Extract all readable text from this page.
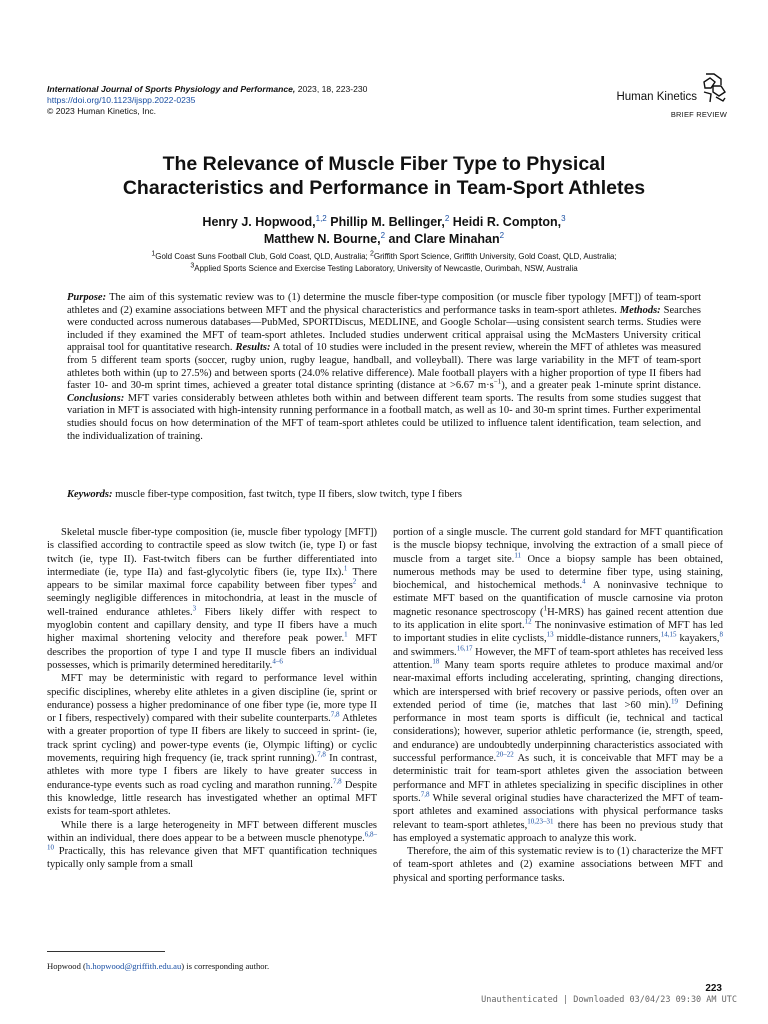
International Journal of Sports Physiology and Performance, 2023, 18, 223-230
https://doi.org/10.1123/ijspp.2022-0235
© 2023 Human Kinetics, Inc.
Human Kinetics
BRIEF REVIEW
The Relevance of Muscle Fiber Type to Physical
Characteristics and Performance in Team-Sport Athletes
Henry J. Hopwood,$^{1,2}$ Phillip M. Bellinger,$^2$ Heidi R. Compton,$^3$
Matthew N. Bourne,$^2$ and Clare Minahan$^2$
$^1$Gold Coast Suns Football Club, Gold Coast, QLD, Australia; $^2$Griffith Sport Science, Griffith University, Gold Coast, QLD, Australia;
$^3$Applied Sports Science and Exercise Testing Laboratory, University of Newcastle, Ourimbah, NSW, Australia
Purpose: The aim of this systematic review was to (1) determine the muscle fiber-type composition (or muscle fiber typology [MFT]) of team-sport athletes and (2) examine associations between MFT and the physical characteristics and performance tasks in team-sport athletes. Methods: Searches were conducted across numerous databases—PubMed, SPORTDiscus, MEDLINE, and Google Scholar—using consistent search terms. Studies were included if they examined the MFT of team-sport athletes. Included studies underwent critical appraisal using the McMasters University critical appraisal tool for quantitative research. Results: A total of 10 studies were included in the present review, wherein the MFT of athletes was measured from 5 different team sports (soccer, rugby union, rugby league, handball, and volleyball). There was large variability in the MFT of team-sport athletes both within (up to 27.5%) and between sports (24.0% relative difference). Male football players with a higher proportion of type II fibers had faster 10- and 30-m sprint times, achieved a greater total distance sprinting (distance at >6.67 $m\cdot s^{-1}$), and a greater peak 1-minute sprint distance. Conclusions: MFT varies considerably between athletes both within and between different team sports. The results from some studies suggest that variation in MFT is associated with high-intensity running performance in a football match, as well as 10- and 30-m sprint times. Further experimental studies should focus on how determination of the MFT of team-sport athletes could be utilized to influence talent identification, team selection, and the individualization of training.
Keywords: muscle fiber-type composition, fast twitch, type II fibers, slow twitch, type I fibers

Skeletal muscle fiber-type composition (ie, muscle fiber typology [MFT]) is classified according to contractile speed as slow twitch (ie, type I) or fast twitch (ie, type II). Fast-twitch fibers can be further differentiated into intermediate (ie, type IIa) and fast-glycolytic fibers (ie, type IIx).$^1$ There appears to be similar maximal force capability between fiber types$^2$ and seemingly negligible differences in mitochondria, at least in the muscle of well-trained endurance athletes.$^3$ Fibers likely differ with respect to myoglobin content and capillary density, and type II fibers have a much higher maximal shortening velocity and therefore peak power.$^1$ MFT describes the proportion of type I and type II muscle fibers an individual possesses, which is primarily determined hereditarily.$^{4-6}$

MFT may be deterministic with regard to performance level within specific disciplines, whereby elite athletes in a given discipline (ie, sprint or endurance) possess a higher predominance of one fiber type (ie, more type II or I fibers, respectively) compared with their subelite counterparts.$^{7,8}$ Athletes with a greater proportion of type II fibers are likely to succeed in sprint- (ie, track sprint cycling) and power-type events (ie, Olympic lifting) or cyclic movements, requiring high frequency (ie, track sprint running).$^{7,8}$ In contrast, athletes with more type I fibers are likely to have greater success in endurance-type events such as road cycling and marathon running.$^{7,8}$ Despite this knowledge, little research has investigated whether an optimal MFT exists for team-sport athletes.

While there is a large heterogeneity in MFT between different muscles within an individual, there does appear to be a between muscle phenotype.$^{6,8-10}$ Practically, this has relevance given that MFT quantification techniques typically only sample from a small

portion of a single muscle. The current gold standard for MFT quantification is the muscle biopsy technique, involving the extraction of a small piece of muscle from a target site.$^{11}$ Once a biopsy sample has been obtained, numerous methods may be used to determine fiber type, using staining, biochemical, and histochemical methods.$^4$ A noninvasive technique to estimate MFT based on the quantification of muscle carnosine via proton magnetic resonance spectroscopy ($^1$H-MRS) has gained recent attention due to its application in elite sport.$^{12}$ The noninvasive estimation of MFT has led to important studies in elite cyclists,$^{13}$ middle-distance runners,$^{14,15}$ kayakers,$^8$ and swimmers.$^{16,17}$ However, the MFT of team-sport athletes has received less attention.$^{18}$ Many team sports require athletes to produce maximal and/or near-maximal efforts including accelerating, sprinting, changing directions, which are interspersed with brief recovery or passive periods, often over an extended period of time (ie, matches that last >60 min).$^{19}$ Defining performance in most team sports is difficult (ie, technical and tactical considerations); however, superior athletic performance (ie, strength, speed, and endurance) are undoubtedly underpinning characteristics associated with successful performance.$^{20-22}$ As such, it is conceivable that MFT may be a deterministic trait for team-sport athletes given the association between performance and MFT in athletes specializing in specific disciplines in other sports.$^{7,8}$ While several original studies have characterized the MFT of team-sport athletes and examined associations with physical performance tasks relevant to team-sport athletes,$^{10,23-31}$ there has been no previous study that has employed a systematic approach to analyze this work.

Therefore, the aim of this systematic review is to (1) characterize the MFT of team-sport athletes and (2) examine associations between MFT and physical and sporting performance tasks.

Hopwood (h.hopwood@griffith.edu.au) is corresponding author.
223
Unauthenticated | Downloaded 03/04/23 09:30 AM UTC
